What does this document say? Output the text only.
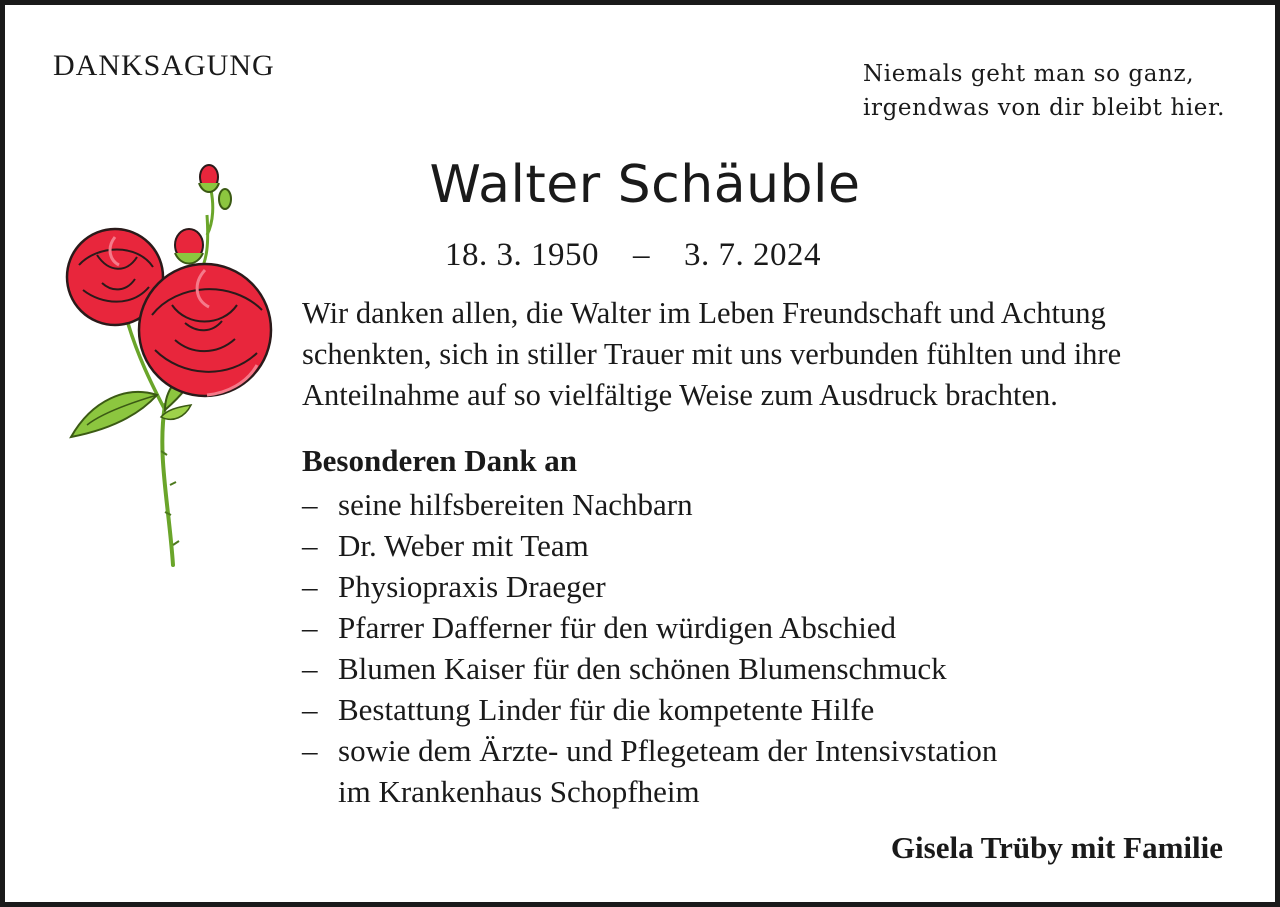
DANKSAGUNG	Niemals geht man so ganz,
irgendwas von dir bleibt hier.
Walter Schäuble
18. 3. 1950 – 3. 7. 2024
Wir danken allen, die Walter im Leben Freundschaft und Achtung
schenkten, sich in stiller Trauer mit uns verbunden fühlten und ihre
Anteilnahme auf so vielfältige Weise zum Ausdruck brachten.
Besonderen Dank an
– seine hilfsbereiten Nachbarn
– Dr. Weber mit Team
– Physiopraxis Draeger
– Pfarrer Dafferner für den würdigen Abschied
– Blumen Kaiser für den schönen Blumenschmuck
– Bestattung Linder für die kompetente Hilfe
– sowie dem Ärzte- und Pflegeteam der Intensivstation
im Krankenhaus Schopfheim
Gisela Trüby mit Familie
